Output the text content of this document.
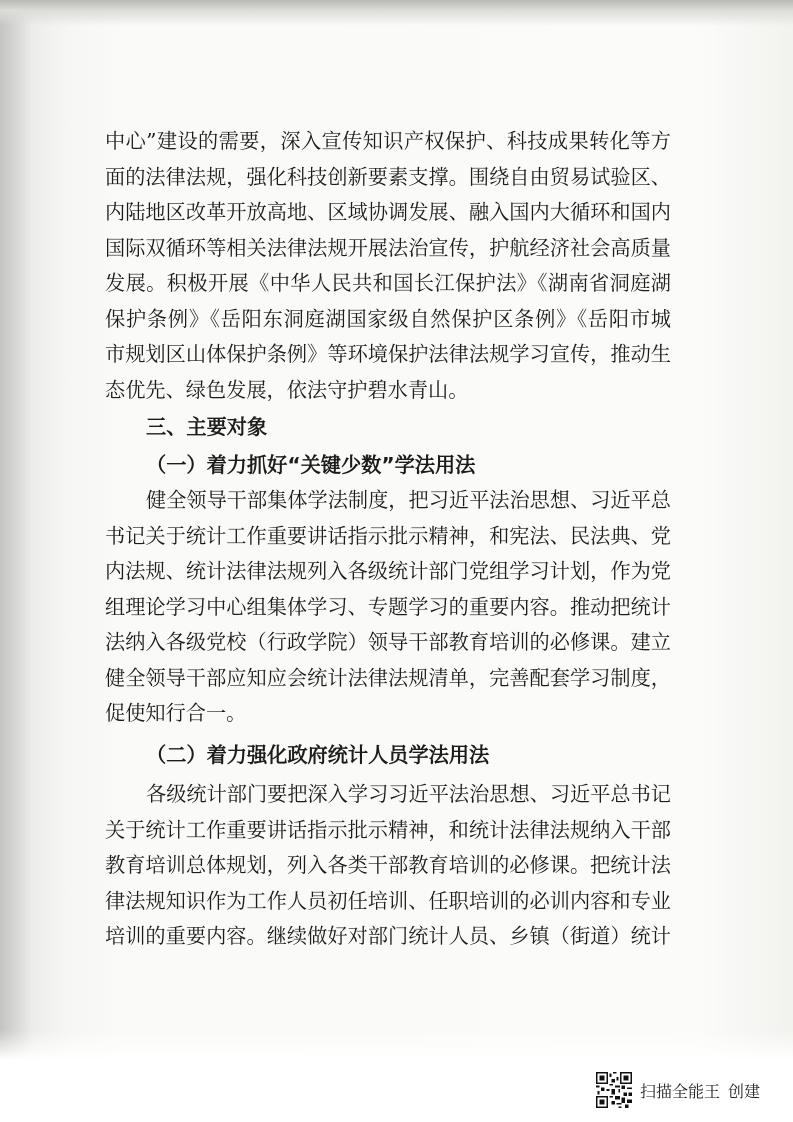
中心”建设的需要，深入宣传知识产权保护、科技成果转化等方
面的法律法规，强化科技创新要素支撑。围绕自由贸易试验区、
内陆地区改革开放高地、区域协调发展、融入国内大循环和国内
国际双循环等相关法律法规开展法治宣传，护航经济社会高质量
发展。积极开展《中华人民共和国长江保护法》《湖南省洞庭湖
保护条例》《岳阳东洞庭湖国家级自然保护区条例》《岳阳市城
市规划区山体保护条例》等环境保护法律法规学习宣传，推动生
态优先、绿色发展，依法守护碧水青山。

三、主要对象

（一）着力抓好“关键少数”学法用法

健全领导干部集体学法制度，把习近平法治思想、习近平总
书记关于统计工作重要讲话指示批示精神，和宪法、民法典、党
内法规、统计法律法规列入各级统计部门党组学习计划，作为党
组理论学习中心组集体学习、专题学习的重要内容。推动把统计
法纳入各级党校（行政学院）领导干部教育培训的必修课。建立
健全领导干部应知应会统计法律法规清单，完善配套学习制度，
促使知行合一。

（二）着力强化政府统计人员学法用法

各级统计部门要把深入学习习近平法治思想、习近平总书记
关于统计工作重要讲话指示批示精神，和统计法律法规纳入干部
教育培训总体规划，列入各类干部教育培训的必修课。把统计法
律法规知识作为工作人员初任培训、任职培训的必训内容和专业
培训的重要内容。继续做好对部门统计人员、乡镇（街道）统计

扫描全能王 创建
